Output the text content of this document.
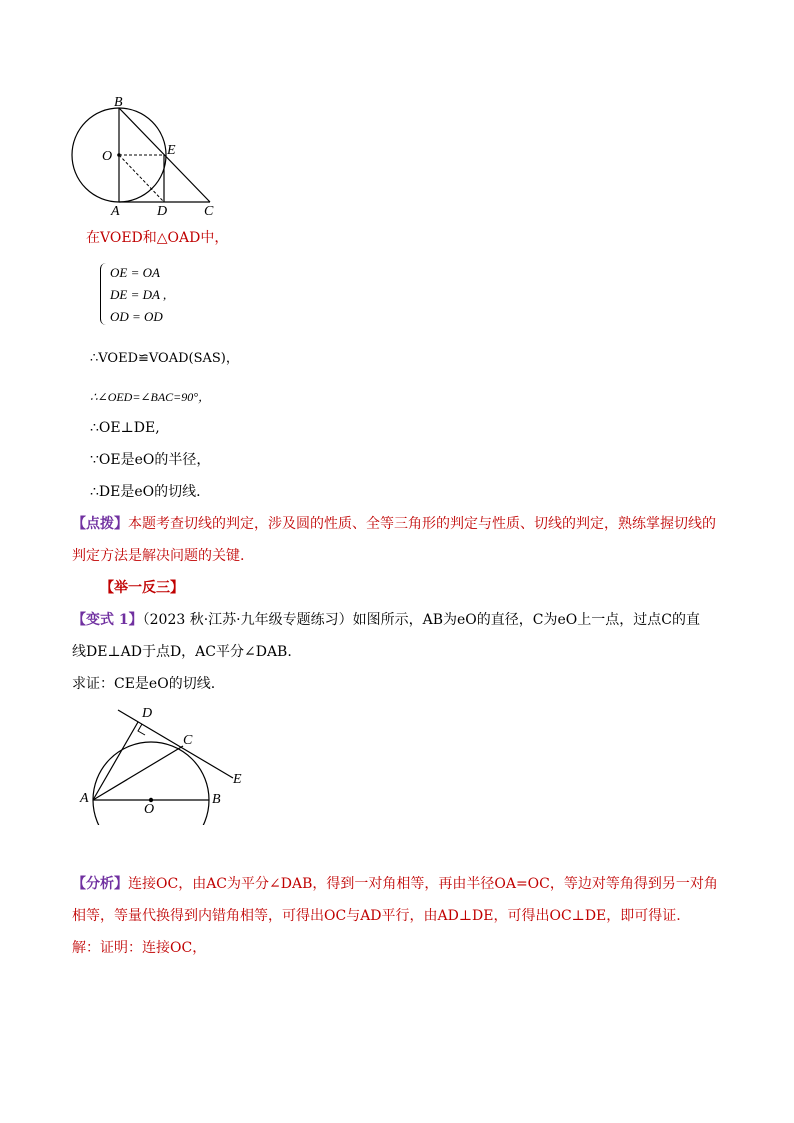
B
O	E
A	D	C
在VOED和△OAD中，
OE = OA
DE = DA ,
OD = OD
∴VOED≌VOAD(SAS)，
∴∠OED=∠BAC=90°，
∴OE⊥DE,
∵OE是eO的半径，
∴DE是eO的切线.
【点拨】本题考查切线的判定，涉及圆的性质、全等三角形的判定与性质、切线的判定，熟练掌握切线的
判定方法是解决问题的关键.
【举一反三】
【变式 1】（2023 秋·江苏·九年级专题练习）如图所示，AB为eO的直径，C为eO上一点，过点C的直
线DE⊥AD于点D，AC平分∠DAB.
求证：CE是eO的切线.
D
C
E
A
O
B
【分析】连接OC，由AC为平分∠DAB，得到一对角相等，再由半径OA=OC，等边对等角得到另一对角
相等，等量代换得到内错角相等，可得出OC与AD平行，由AD⊥DE，可得出OC⊥DE，即可得证.
解：证明：连接OC，
